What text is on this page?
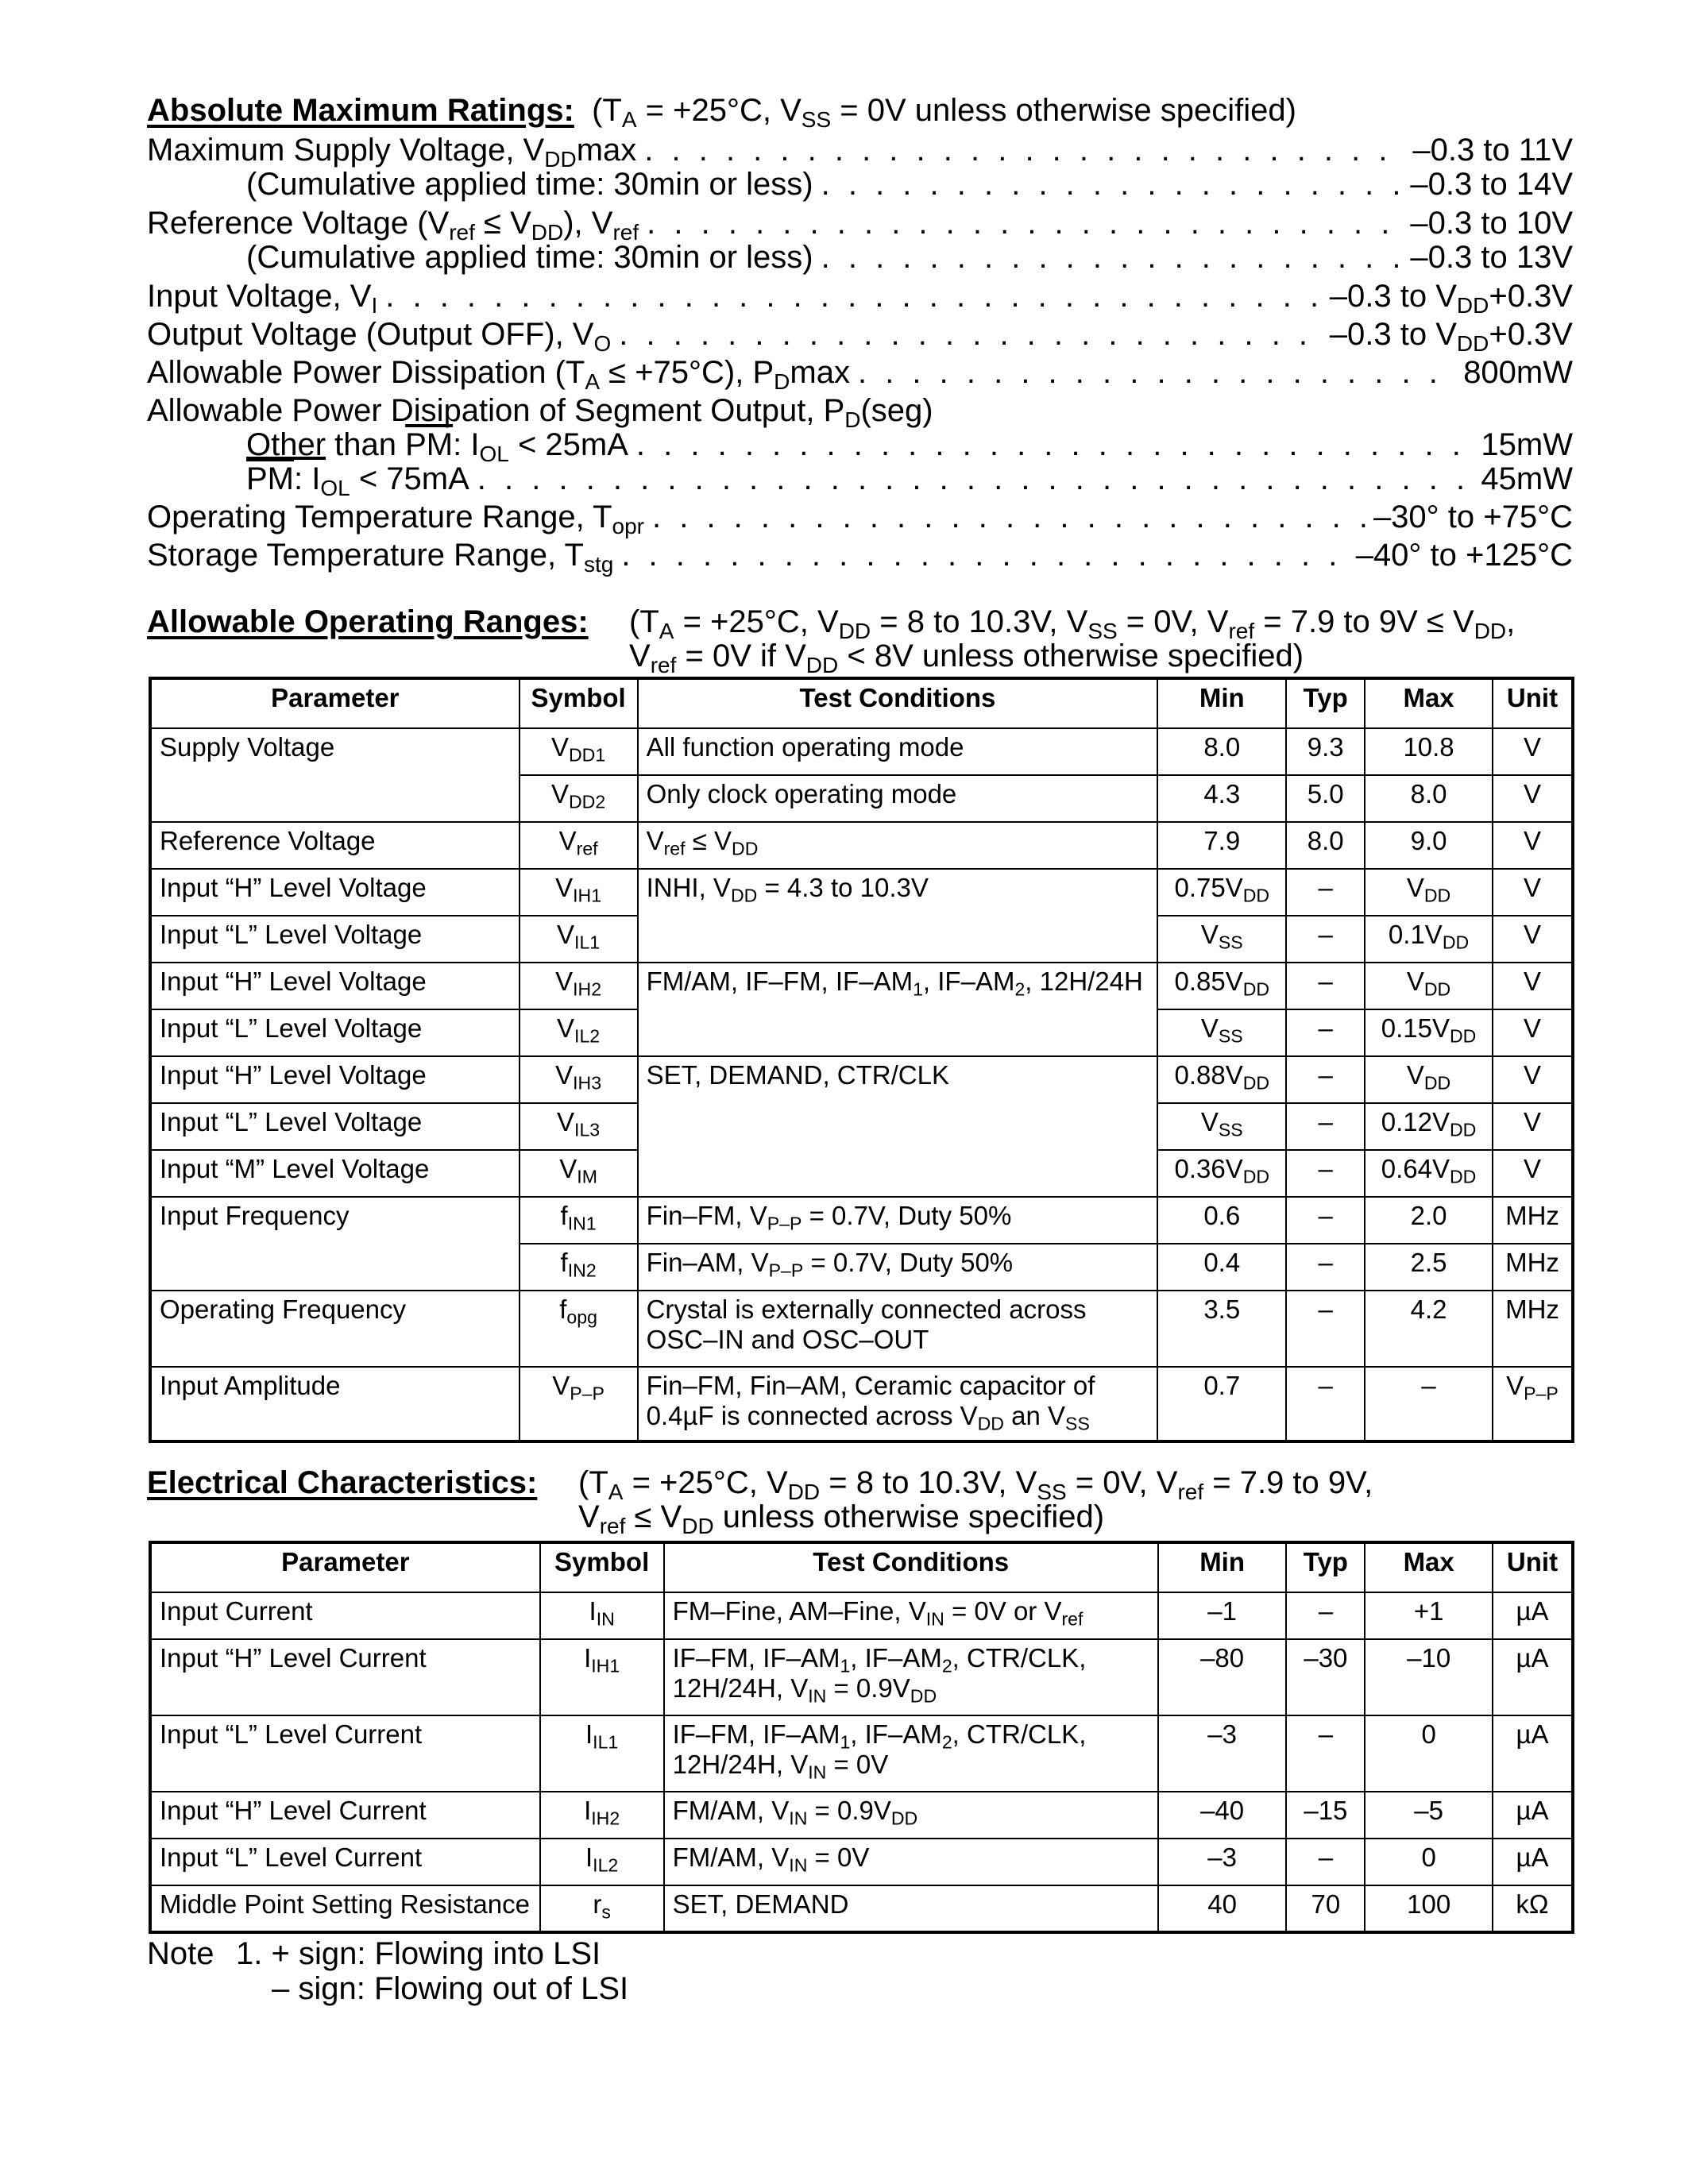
Absolute Maximum Ratings: ($T_A = +25^\circ C$, $V_{SS} = 0V$ unless otherwise specified)
Maximum Supply Voltage, $V_{DD}\max$ . . .	–0.3 to 11V
(Cumulative applied time: 30min or less) . . .	–0.3 to 14V
Reference Voltage $(V_{ref} \le V_{DD})$, $V_{ref}$ . . .	–0.3 to 10V
(Cumulative applied time: 30min or less) . . .	–0.3 to 13V
Input Voltage, $V_I$ . . .	–0.3 to $V_{DD}+0.3V$
Output Voltage (Output OFF), $V_O$ . . .	–0.3 to $V_{DD}+0.3V$
Allowable Power Dissipation $(T_A \le +75^\circ C)$, $P_D\max$ . . .	800mW
Allowable Power Disipation of Segment Output, $P_D(seg)$
Other than $\overline{PM}$: $I_{OL} < 25mA$ . . .	15mW
$\overline{PM}$: $I_{OL} < 75mA$ . . .	45mW
Operating Temperature Range, $T_{opr}$ . . .	–30° to +75°C
Storage Temperature Range, $T_{stg}$ . . .	–40° to +125°C
Allowable Operating Ranges: ($T_A = +25^\circ C$, $V_{DD} = 8$ to 10.3V, $V_{SS} = 0V$, $V_{ref} = 7.9$ to $9V \le V_{DD}$,
$V_{ref} = 0V$ if $V_{DD} < 8V$ unless otherwise specified)
Parameter	Symbol	Test Conditions	Min	Typ	Max	Unit
Supply Voltage	$V_{DD1}$	All function operating mode	8.0	9.3	10.8	V
	$V_{DD2}$	Only clock operating mode	4.3	5.0	8.0	V
Reference Voltage	$V_{ref}$	$V_{ref} \le V_{DD}$	7.9	8.0	9.0	V
Input “H” Level Voltage	$V_{IH1}$	INHI, $V_{DD} = 4.3$ to 10.3V	$0.75V_{DD}$	–	$V_{DD}$	V
Input “L” Level Voltage	$V_{IL1}$		$V_{SS}$	–	$0.1V_{DD}$	V
Input “H” Level Voltage	$V_{IH2}$	FM/AM, IF–FM, $IF-AM_1$, $IF-AM_2$, 12H/24H	$0.85V_{DD}$	–	$V_{DD}$	V
Input “L” Level Voltage	$V_{IL2}$		$V_{SS}$	–	$0.15V_{DD}$	V
Input “H” Level Voltage	$V_{IH3}$	SET, DEMAND, CTR/CLK	$0.88V_{DD}$	–	$V_{DD}$	V
Input “L” Level Voltage	$V_{IL3}$		$V_{SS}$	–	$0.12V_{DD}$	V
Input “M” Level Voltage	$V_{IM}$		$0.36V_{DD}$	–	$0.64V_{DD}$	V
Input Frequency	$f_{IN1}$	Fin–FM, $V_{P-P} = 0.7V$, Duty 50%	0.6	–	2.0	MHz
	$f_{IN2}$	Fin–AM, $V_{P-P} = 0.7V$, Duty 50%	0.4	–	2.5	MHz
Operating Frequency	$f_{opg}$	Crystal is externally connected across
OSC–IN and OSC–OUT	3.5	–	4.2	MHz
Input Amplitude	$V_{P-P}$	Fin–FM, Fin–AM, Ceramic capacitor of
0.4µF is connected across $V_{DD}$ an $V_{SS}$	0.7	–	–	$V_{P-P}$
Electrical Characteristics: ($T_A = +25^\circ C$, $V_{DD} = 8$ to 10.3V, $V_{SS} = 0V$, $V_{ref} = 7.9$ to 9V,
$V_{ref} \le V_{DD}$ unless otherwise specified)
Parameter	Symbol	Test Conditions	Min	Typ	Max	Unit
Input Current	$I_{IN}$	FM–Fine, AM–Fine, $V_{IN} = 0V$ or $V_{ref}$	–1	–	+1	µA
Input “H” Level Current	$I_{IH1}$	IF–FM, $IF-AM_1$, $IF-AM_2$, CTR/CLK,
12H/24H, $V_{IN} = 0.9V_{DD}$	–80	–30	–10	µA
Input “L” Level Current	$I_{IL1}$	IF–FM, $IF-AM_1$, $IF-AM_2$, CTR/CLK,
12H/24H, $V_{IN} = 0V$	–3	–	0	µA
Input “H” Level Current	$I_{IH2}$	FM/AM, $V_{IN} = 0.9V_{DD}$	–40	–15	–5	µA
Input “L” Level Current	$I_{IL2}$	FM/AM, $V_{IN} = 0V$	–3	–	0	µA
Middle Point Setting Resistance	$r_s$	SET, DEMAND	40	70	100	kΩ
Note 1. + sign: Flowing into LSI
– sign: Flowing out of LSI
